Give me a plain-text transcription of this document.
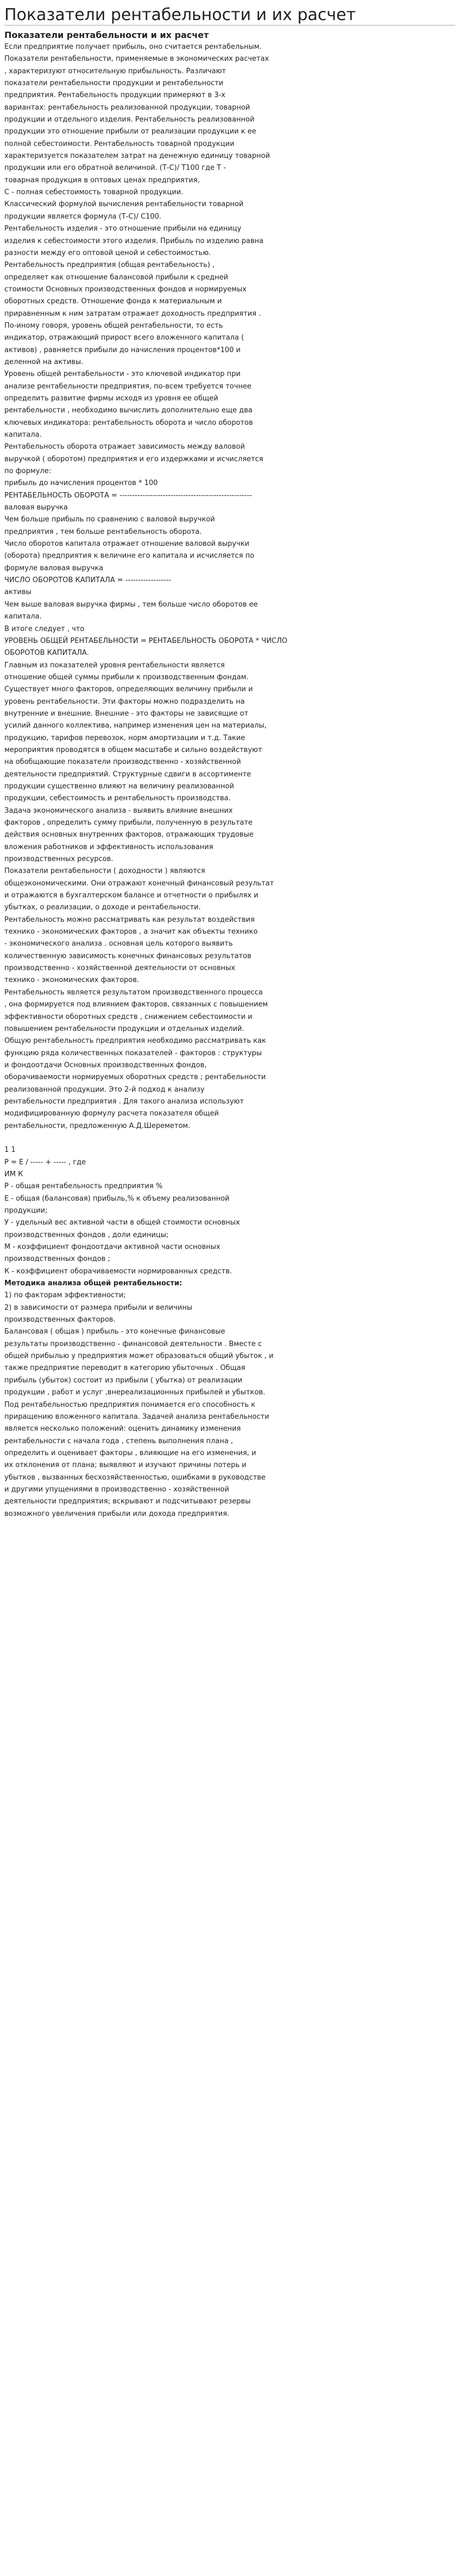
Показатели рентабельности и их расчет
Показатели рентабельности и их расчет
Если предприятие получает прибыль, оно считается рентабельным.
Показатели рентабельности, применяемые в экономических расчетах
, характеризуют относительную прибыльность. Различают
показатели рентабельности продукции и рентабельности
предприятия. Рентабельность продукции примеряют в 3-х
вариантах: рентабельность реализованной продукции, товарной
продукции и отдельного изделия. Рентабельность реализованной
продукции это отношение прибыли от реализации продукции к ее
полной себестоимости. Рентабельность товарной продукции
характеризуется показателем затрат на денежную единицу товарной
продукции или его обратной величиной. (Т-С)/ Т100 где Т -
товарная продукция в оптовых ценах предприятия,
С - полная себестоимость товарной продукции.
Классический формулой вычисления рентабельности товарной
продукции является формула (Т-С)/ С100.
Рентабельность изделия - это отношение прибыли на единицу
изделия к себестоимости этого изделия. Прибыль по изделию равна
разности между его оптовой ценой и себестоимостью.
Рентабельность предприятия (общая рентабельность) ,
определяет как отношение балансовой прибыли к средней
стоимости Основных производственных фондов и нормируемых
оборотных средств. Отношение фонда к материальным и
приравненным к ним затратам отражает доходность предприятия .
По-иному говоря, уровень общей рентабельности, то есть
индикатор, отражающий прирост всего вложенного капитала (
активов) , равняется прибыли до начисления процентов*100 и
деленной на активы.
Уровень общей рентабельности - это ключевой индикатор при
анализе рентабельности предприятия, по-всем требуется точнее
определить развитие фирмы исходя из уровня ее общей
рентабельности , необходимо вычислить дополнительно еще два
ключевых индикатора: рентабельность оборота и число оборотов
капитала.
Рентабельность оборота отражает зависимость между валовой
выручкой ( оборотом) предприятия и его издержками и исчисляется
по формуле:
прибыль до начисления процентов * 100
РЕНТАБЕЛЬНОСТЬ ОБОРОТА = ----------------------------------------------------
валовая выручка
Чем больше прибыль по сравнению с валовой выручкой
предприятия , тем больше рентабельность оборота.
Число оборотов капитала отражает отношение валовой выручки
(оборота) предприятия к величине его капитала и исчисляется по
формуле валовая выручка
ЧИСЛО ОБОРОТОВ КАПИТАЛА = ------------------
активы
Чем выше валовая выручка фирмы , тем больше число оборотов ее
капитала.
В итоге следует , что
УРОВЕНЬ ОБЩЕЙ РЕНТАБЕЛЬНОСТИ = РЕНТАБЕЛЬНОСТЬ ОБОРОТА * ЧИСЛО
ОБОРОТОВ КАПИТАЛА.
Главным из показателей уровня рентабельности является
отношение общей суммы прибыли к производственным фондам.
Существует много факторов, определяющих величину прибыли и
уровень рентабельности. Эти факторы можно подразделить на
внутренние и внешние. Внешние - это факторы не зависящие от
усилий данного коллектива, например изменения цен на материалы,
продукцию, тарифов перевозок, норм амортизации и т.д. Такие
мероприятия проводятся в общем масштабе и сильно воздействуют
на обобщающие показатели производственно - хозяйственной
деятельности предприятий. Структурные сдвиги в ассортименте
продукции существенно влияют на величину реализованной
продукции, себестоимость и рентабельность производства.
Задача экономического анализа - выявить влияние внешних
факторов , определить сумму прибыли, полученную в результате
действия основных внутренних факторов, отражающих трудовые
вложения работников и эффективность использования
производственных ресурсов.
Показатели рентабельности ( доходности ) являются
общеэкономическими. Они отражают конечный финансовый результат
и отражаются в бухгалтерском балансе и отчетности о прибылях и
убытках, о реализации, о доходе и рентабельности.
Рентабельность можно рассматривать как результат воздействия
технико - экономических факторов , а значит как объекты технико
- экономического анализа . основная цель которого выявить
количественную зависимость конечных финансовых результатов
производственно - хозяйственной деятельности от основных
технико - экономических факторов.
Рентабельность является результатом производственного процесса
, она формируется под влиянием факторов, связанных с повышением
эффективности оборотных средств , снижением себестоимости и
повышением рентабельности продукции и отдельных изделий.
Общую рентабельность предприятия необходимо рассматривать как
функцию ряда количественных показателей - факторов : структуры
и фондоотдачи Основных производственных фондов,
оборачиваемости нормируемых оборотных средств ; рентабельности
реализованной продукции. Это 2-й подход к анализу
рентабельности предприятия . Для такого анализа используют
модифицированную формулу расчета показателя общей
рентабельности, предложенную А.Д.Шереметом.

1 1
P = E / ----- + ----- , где
ИМ К
Р - общая рентабельность предприятия %
Е - общая (балансовая) прибыль,% к объему реализованной
продукции;
У - удельный вес активной части в общей стоимости основных
производственных фондов , доли единицы;
М - коэффициент фондоотдачи активной части основных
производственных фондов ;
К - коэффициент оборачиваемости нормированных средств.
Методика анализа общей рентабельности:
1) по факторам эффективности;
2) в зависимости от размера прибыли и величины
производственных факторов.
Балансовая ( общая ) прибыль - это конечные финансовые
результаты производственно - финансовой деятельности . Вместе с
общей прибылью у предприятия может образоваться общий убыток , и
также предприятие переводит в категорию убыточных . Общая
прибыль (убыток) состоит из прибыли ( убытка) от реализации
продукции , работ и услуг ,внереализационных прибылей и убытков.
Под рентабельностью предприятия понимается его способность к
приращению вложенного капитала. Задачей анализа рентабельности
является несколько положений: оценить динамику изменения
рентабельности с начала года , степень выполнения плана ,
определить и оценивает факторы , влияющие на его изменения, и
их отклонения от плана; выявляют и изучают причины потерь и
убытков , вызванных бесхозяйственностью, ошибками в руководстве
и другими упущениями в производственно - хозяйственной
деятельности предприятия; вскрывают и подсчитывают резервы
возможного увеличения прибыли или дохода предприятия.
